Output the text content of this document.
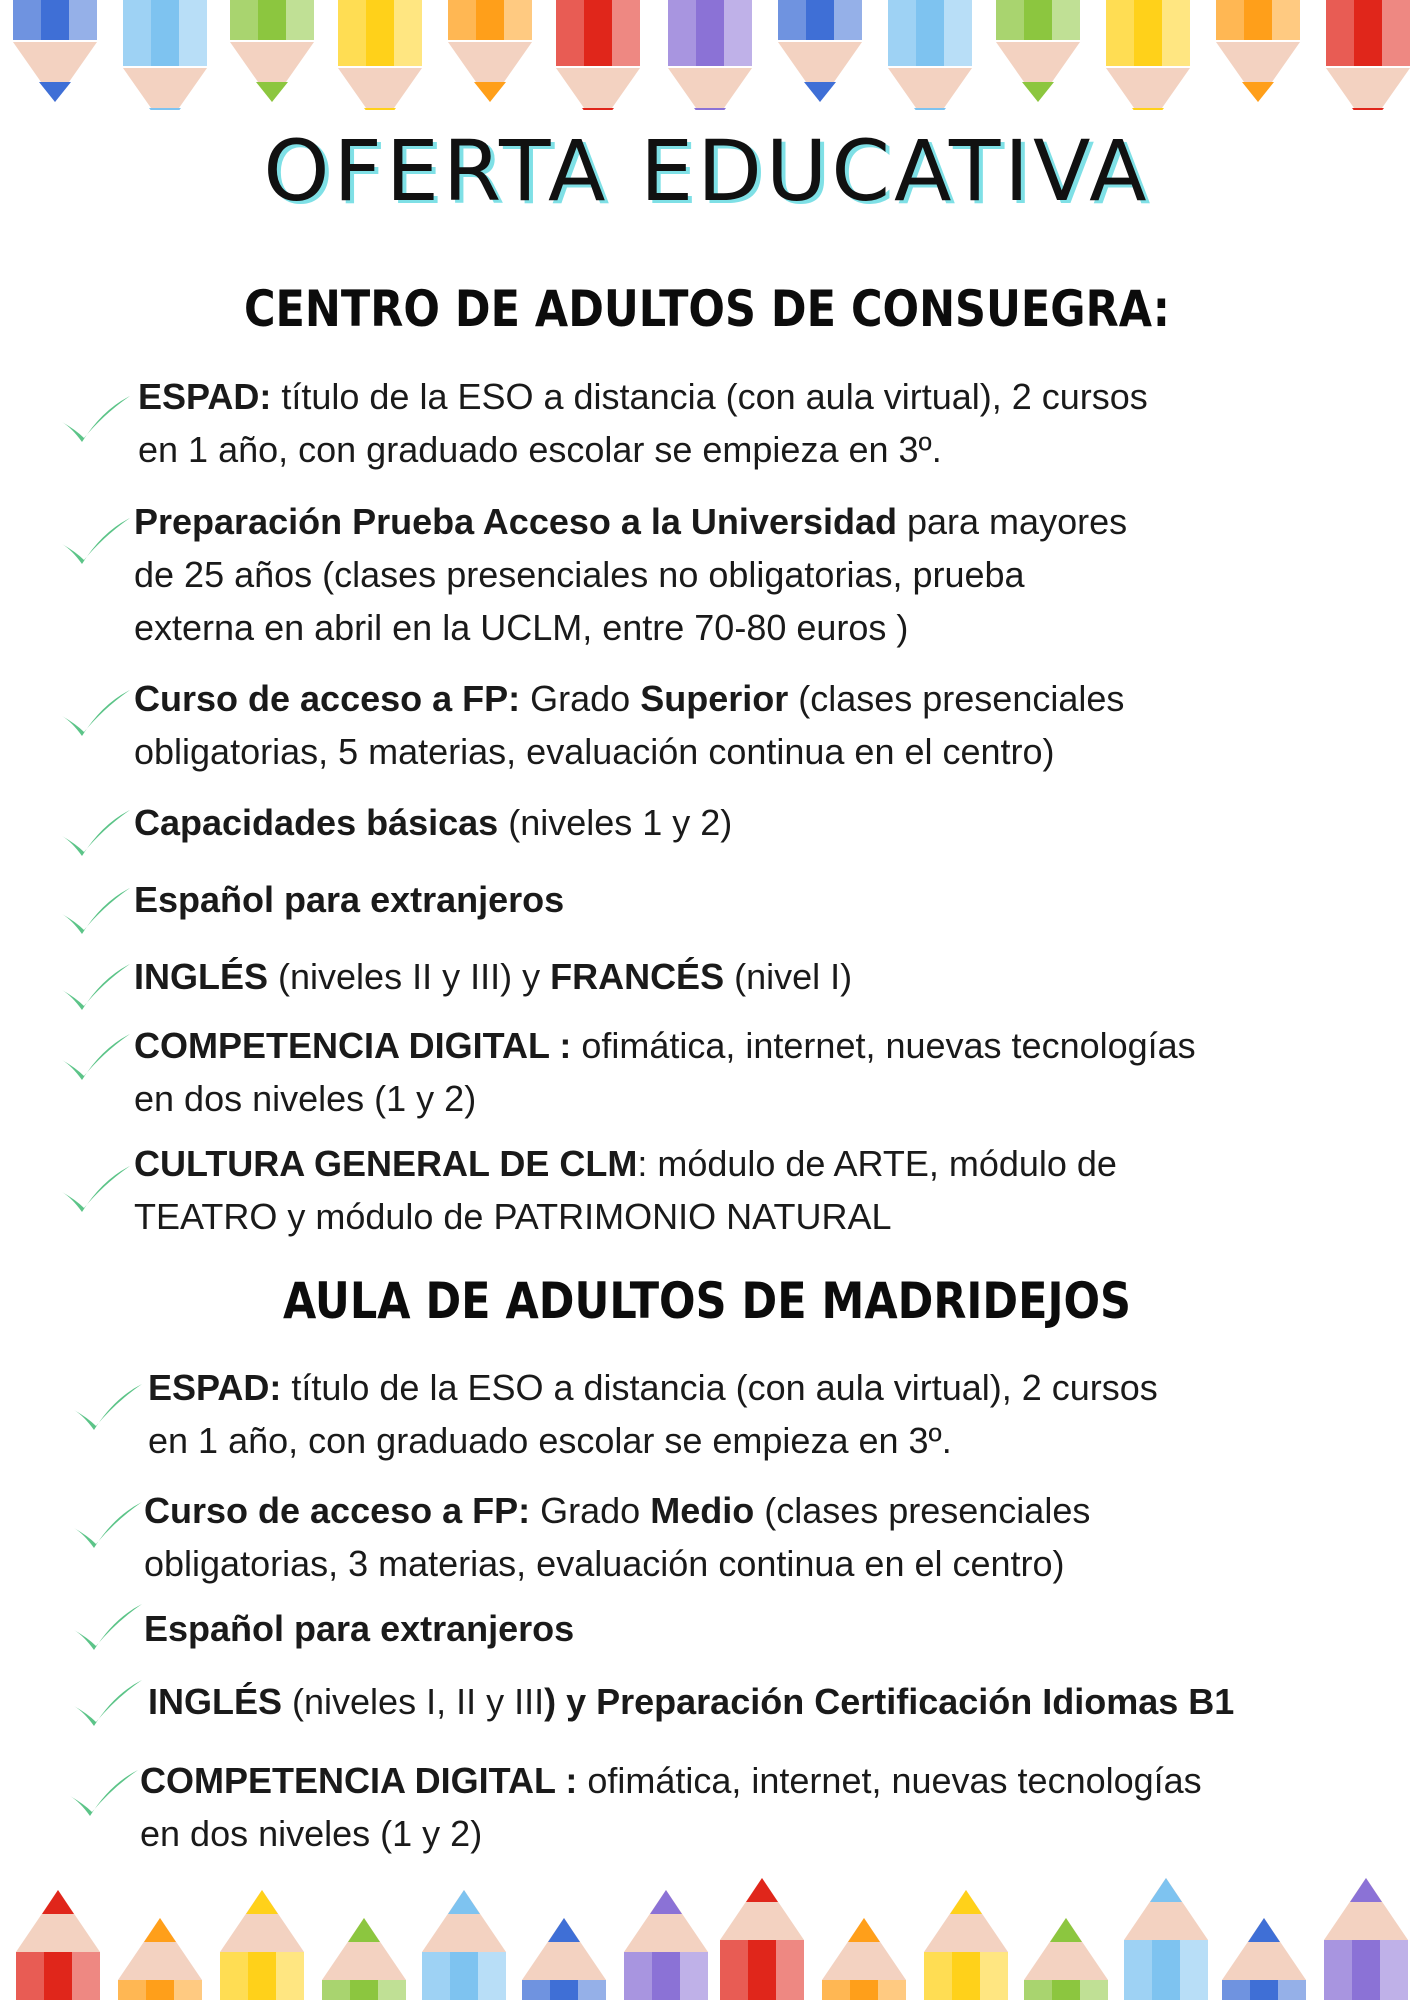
OFERTA EDUCATIVA
CENTRO DE ADULTOS DE CONSUEGRA:
ESPAD: título de la ESO a distancia (con aula virtual), 2 cursos
en 1 año, con graduado escolar se empieza en 3º.
Preparación Prueba Acceso a la Universidad para mayores
de 25 años (clases presenciales no obligatorias, prueba
externa en abril en la UCLM, entre 70-80 euros )
Curso de acceso a FP: Grado Superior (clases presenciales
obligatorias, 5 materias, evaluación continua en el centro)
Capacidades básicas (niveles 1 y 2)
Español para extranjeros
INGLÉS (niveles II y III) y FRANCÉS (nivel I)
COMPETENCIA DIGITAL : ofimática, internet, nuevas tecnologías
en dos niveles (1 y 2)
CULTURA GENERAL DE CLM: módulo de ARTE, módulo de
TEATRO y módulo de PATRIMONIO NATURAL
AULA DE ADULTOS DE MADRIDEJOS
ESPAD: título de la ESO a distancia (con aula virtual), 2 cursos
en 1 año, con graduado escolar se empieza en 3º.
Curso de acceso a FP: Grado Medio (clases presenciales
obligatorias, 3 materias, evaluación continua en el centro)
Español para extranjeros
INGLÉS (niveles I, II y III) y Preparación Certificación Idiomas B1
COMPETENCIA DIGITAL : ofimática, internet, nuevas tecnologías
en dos niveles (1 y 2)
